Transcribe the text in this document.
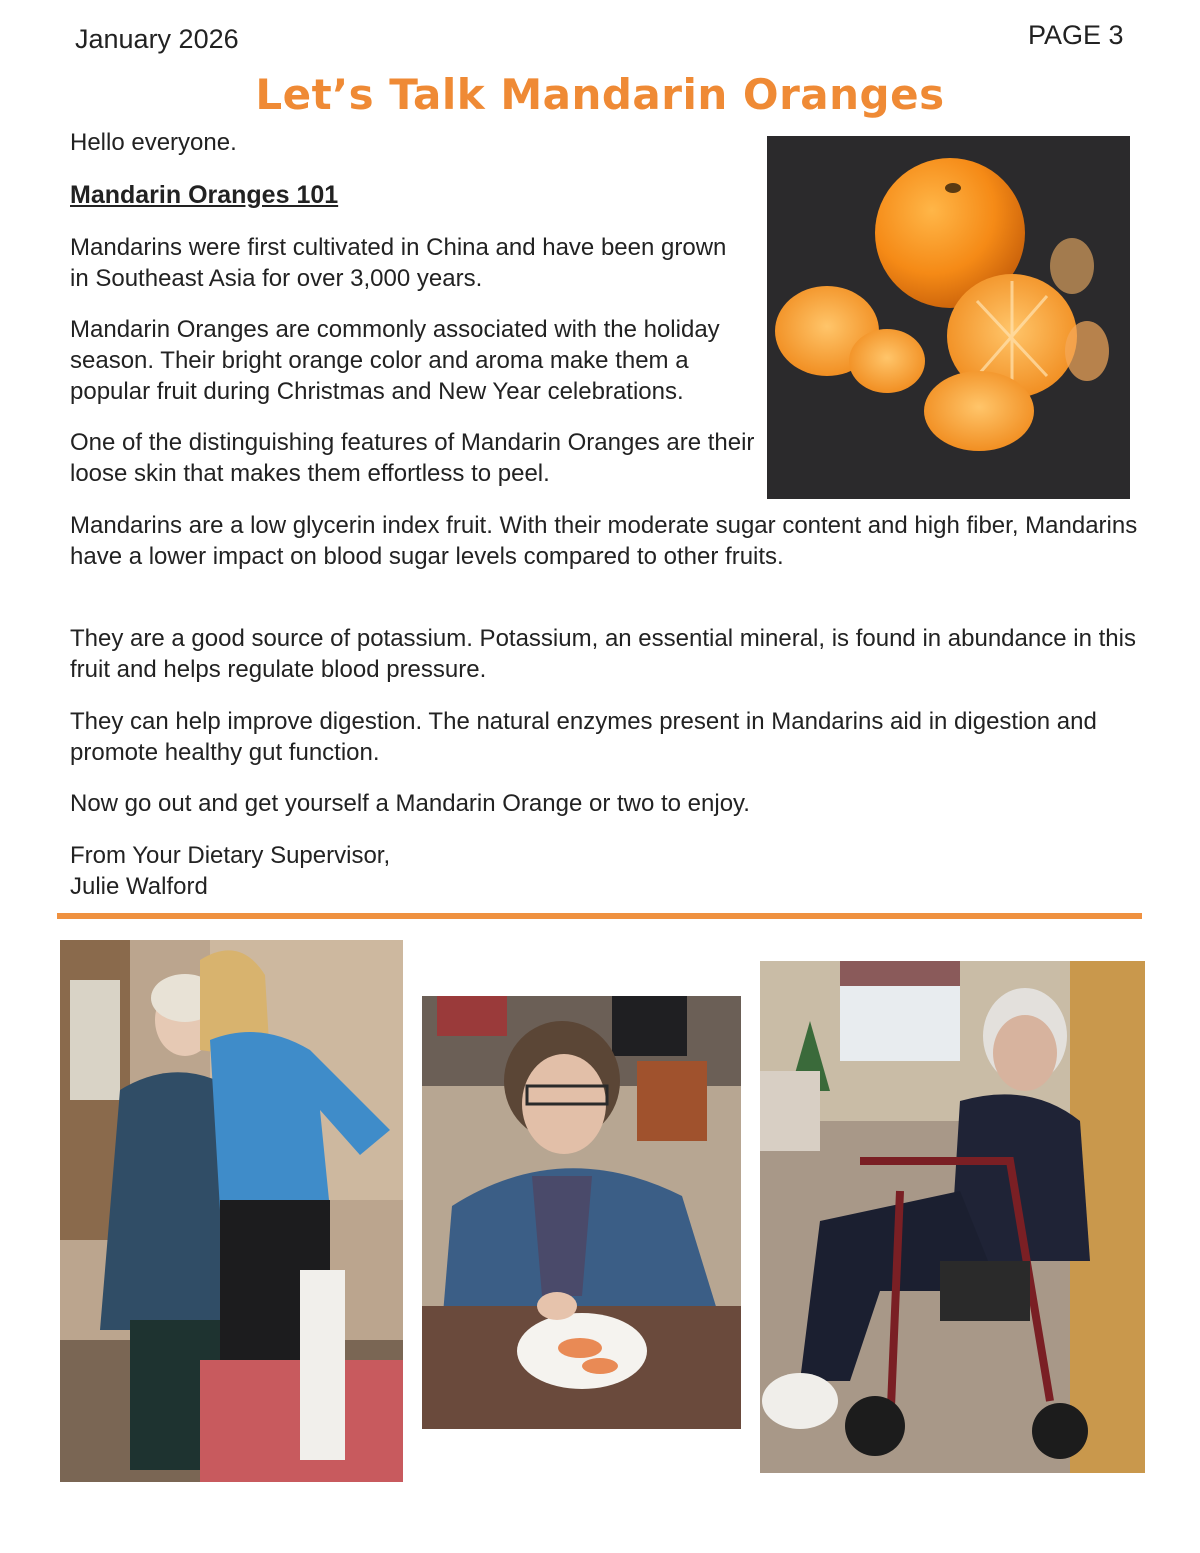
January 2026	PAGE 3
Let’s Talk Mandarin Oranges

Hello everyone.

Mandarin Oranges 101

Mandarins were first cultivated in China and have been grown in Southeast Asia for over 3,000 years.

Mandarin Oranges are commonly associated with the holiday season. Their bright orange color and aroma make them a popular fruit during Christmas and New Year celebrations.

One of the distinguishing features of Mandarin Oranges are their loose skin that makes them effortless to peel.

Mandarins are a low glycerin index fruit. With their moderate sugar content and high fiber, Mandarins have a lower impact on blood sugar levels compared to other fruits.

They are a good source of potassium. Potassium, an essential mineral, is found in abundance in this fruit and helps regulate blood pressure.

They can help improve digestion. The natural enzymes present in Mandarins aid in digestion and promote healthy gut function.

Now go out and get yourself a Mandarin Orange or two to enjoy.

From Your Dietary Supervisor,
Julie Walford
